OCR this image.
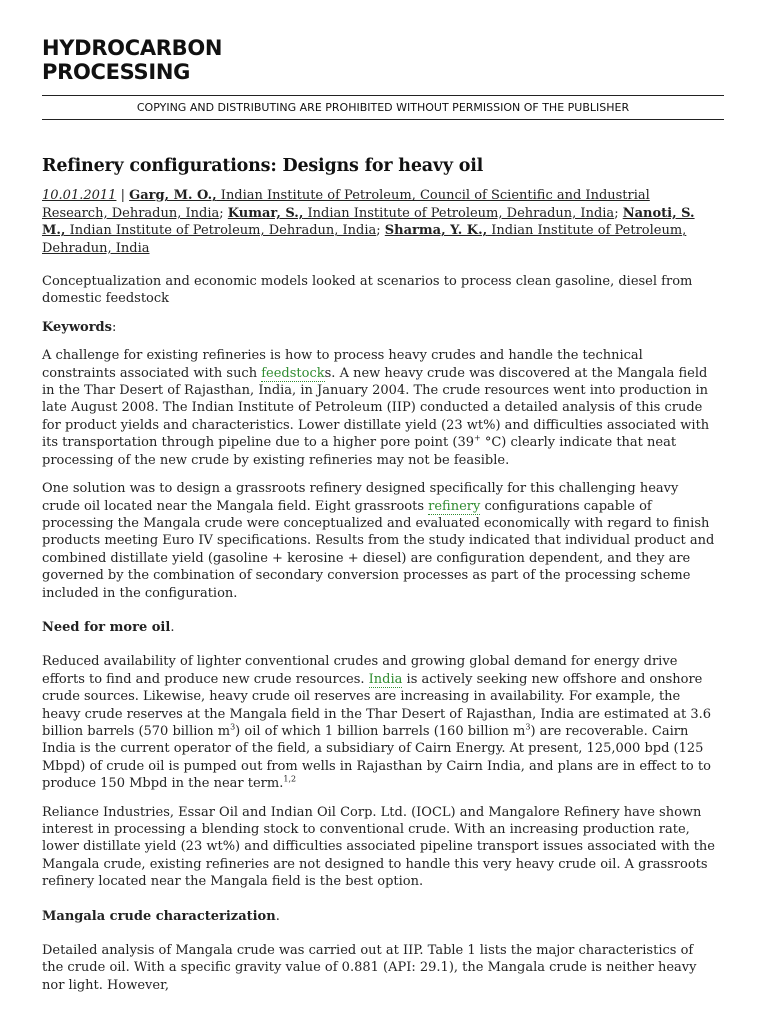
HYDROCARBON
PROCESSING
COPYING AND DISTRIBUTING ARE PROHIBITED WITHOUT PERMISSION OF THE PUBLISHER
Refinery configurations: Designs for heavy oil

10.01.2011 | Garg, M. O., Indian Institute of Petroleum, Council of Scientific and Industrial Research, Dehradun, India; Kumar, S., Indian Institute of Petroleum, Dehradun, India; Nanoti, S. M., Indian Institute of Petroleum, Dehradun, India; Sharma, Y. K., Indian Institute of Petroleum, Dehradun, India

Conceptualization and economic models looked at scenarios to process clean gasoline, diesel from domestic feedstock

Keywords:

A challenge for existing refineries is how to process heavy crudes and handle the technical constraints associated with such feedstocks. A new heavy crude was discovered at the Mangala field in the Thar Desert of Rajasthan, India, in January 2004. The crude resources went into production in late August 2008. The Indian Institute of Petroleum (IIP) conducted a detailed analysis of this crude for product yields and characteristics. Lower distillate yield (23 wt%) and difficulties associated with its transportation through pipeline due to a higher pore point (39+ °C) clearly indicate that neat processing of the new crude by existing refineries may not be feasible.

One solution was to design a grassroots refinery designed specifically for this challenging heavy crude oil located near the Mangala field. Eight grassroots refinery configurations capable of processing the Mangala crude were conceptualized and evaluated economically with regard to finish products meeting Euro IV specifications. Results from the study indicated that individual product and combined distillate yield (gasoline + kerosine + diesel) are configuration dependent, and they are governed by the combination of secondary conversion processes as part of the processing scheme included in the configuration.

Need for more oil.

Reduced availability of lighter conventional crudes and growing global demand for energy drive efforts to find and produce new crude resources. India is actively seeking new offshore and onshore crude sources. Likewise, heavy crude oil reserves are increasing in availability. For example, the heavy crude reserves at the Mangala field in the Thar Desert of Rajasthan, India are estimated at 3.6 billion barrels (570 billion $m^3$) oil of which 1 billion barrels (160 billion $m^3$) are recoverable. Cairn India is the current operator of the field, a subsidiary of Cairn Energy. At present, 125,000 bpd (125 Mbpd) of crude oil is pumped out from wells in Rajasthan by Cairn India, and plans are in effect to to produce 150 Mbpd in the near term.$^{1,2}$

Reliance Industries, Essar Oil and Indian Oil Corp. Ltd. (IOCL) and Mangalore Refinery have shown interest in processing a blending stock to conventional crude. With an increasing production rate, lower distillate yield (23 wt%) and difficulties associated pipeline transport issues associated with the Mangala crude, existing refineries are not designed to handle this very heavy crude oil. A grassroots refinery located near the Mangala field is the best option.

Mangala crude characterization.

Detailed analysis of Mangala crude was carried out at IIP. Table 1 lists the major characteristics of the crude oil. With a specific gravity value of 0.881 (API: 29.1), the Mangala crude is neither heavy nor light. However,
